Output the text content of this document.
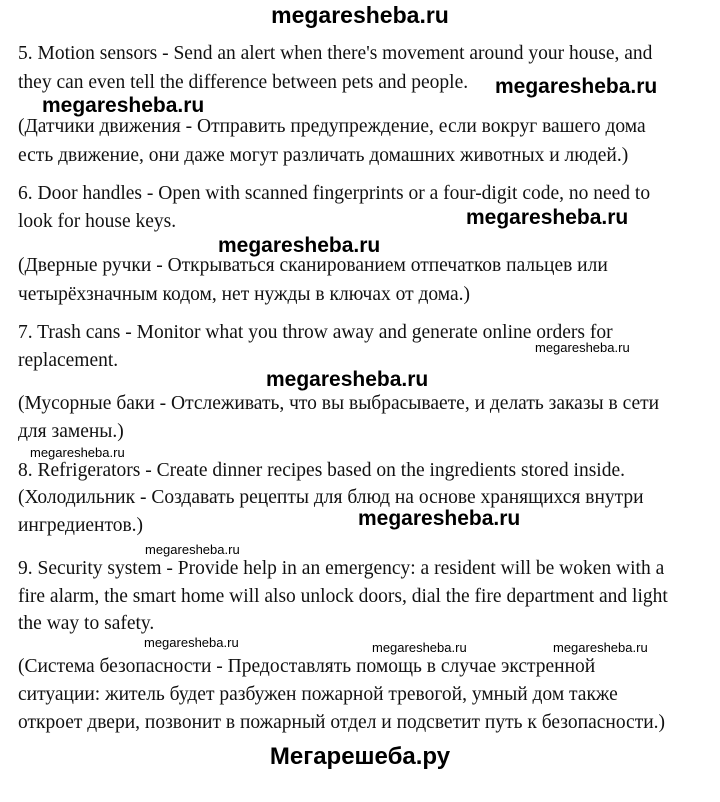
megaresheba.ru
5. Motion sensors - Send an alert when there's movement around your house, and
they can even tell the difference between pets and people.
(Датчики движения - Отправить предупреждение, если вокруг вашего дома
есть движение, они даже могут различать домашних животных и людей.)
6. Door handles - Open with scanned fingerprints or a four-digit code, no need to
look for house keys.
(Дверные ручки - Открываться сканированием отпечатков пальцев или
четырёхзначным кодом, нет нужды в ключах от дома.)
7. Trash cans - Monitor what you throw away and generate online orders for
replacement.
(Мусорные баки - Отслеживать, что вы выбрасываете, и делать заказы в сети
для замены.)
8. Refrigerators - Create dinner recipes based on the ingredients stored inside.
(Холодильник - Создавать рецепты для блюд на основе хранящихся внутри
ингредиентов.)
9. Security system - Provide help in an emergency: a resident will be woken with a
fire alarm, the smart home will also unlock doors, dial the fire department and light
the way to safety.
(Система безопасности - Предоставлять помощь в случае экстренной
ситуации: житель будет разбужен пожарной тревогой, умный дом также
откроет двери, позвонит в пожарный отдел и подсветит путь к безопасности.)
megaresheba.ru
megaresheba.ru
megaresheba.ru
megaresheba.ru
megaresheba.ru
megaresheba.ru
megaresheba.ru
megaresheba.ru
megaresheba.ru
megaresheba.ru	megaresheba.ru	megaresheba.ru
Мегарешеба.ру
